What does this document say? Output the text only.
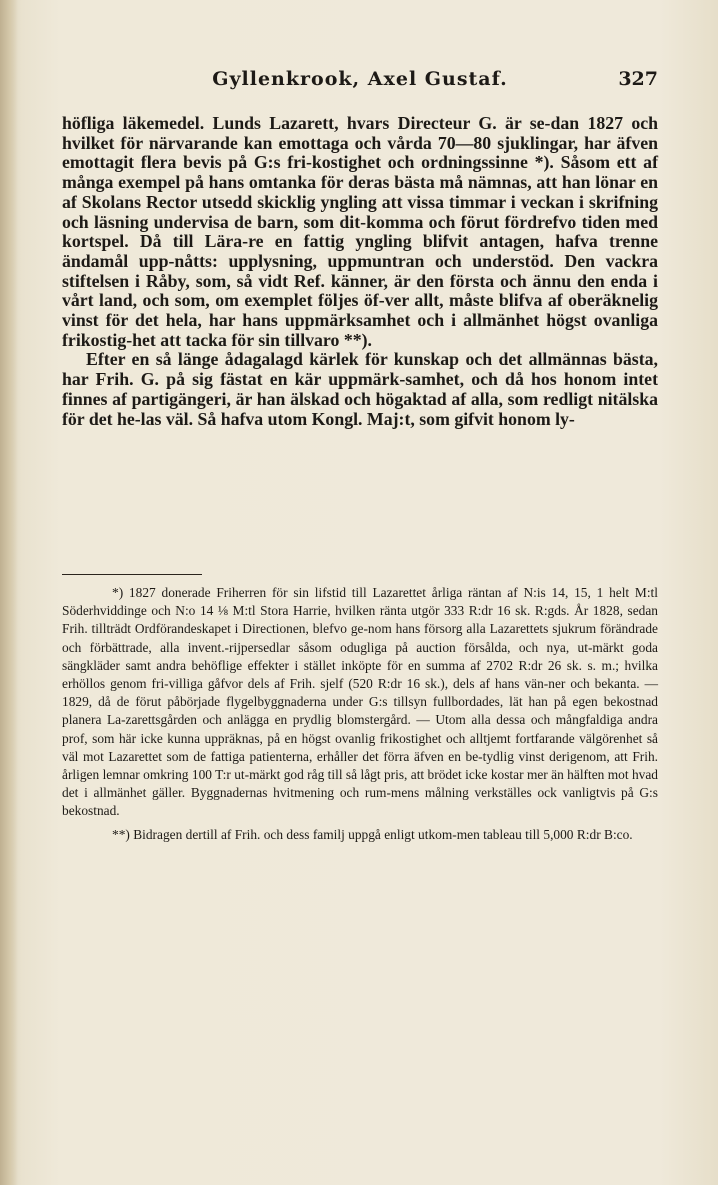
Gyllenkrook, Axel Gustaf.	327

höfliga läkemedel. Lunds Lazarett, hvars Directeur G. är se-dan 1827 och hvilket för närvarande kan emottaga och vårda 70—80 sjuklingar, har äfven emottagit flera bevis på G:s fri-kostighet och ordningssinne *). Såsom ett af många exempel på hans omtanka för deras bästa må nämnas, att han lönar en af Skolans Rector utsedd skicklig yngling att vissa timmar i veckan i skrifning och läsning undervisa de barn, som dit-komma och förut fördrefvo tiden med kortspel. Då till Lära-re en fattig yngling blifvit antagen, hafva trenne ändamål upp-nåtts: upplysning, uppmuntran och understöd. Den vackra stiftelsen i Råby, som, så vidt Ref. känner, är den första och ännu den enda i vårt land, och som, om exemplet följes öf-ver allt, måste blifva af oberäknelig vinst för det hela, har hans uppmärksamhet och i allmänhet högst ovanliga frikostig-het att tacka för sin tillvaro **).

Efter en så länge ådagalagd kärlek för kunskap och det allmännas bästa, har Frih. G. på sig fästat en kär uppmärk-samhet, och då hos honom intet finnes af partigängeri, är han älskad och högaktad af alla, som redligt nitälska för det he-las väl. Så hafva utom Kongl. Maj:t, som gifvit honom ly-

*) 1827 donerade Friherren för sin lifstid till Lazarettet årliga räntan af N:is 14, 15, 1 helt M:tl Söderhviddinge och N:o 14 ⅛ M:tl Stora Harrie, hvilken ränta utgör 333 R:dr 16 sk. R:gds. År 1828, sedan Frih. tillträdt Ordförandeskapet i Directionen, blefvo ge-nom hans försorg alla Lazarettets sjukrum förändrade och förbättrade, alla invent.-rijpersedlar såsom odugliga på auction försålda, och nya, ut-märkt goda sängkläder samt andra behöflige effekter i stället inköpte för en summa af 2702 R:dr 26 sk. s. m.; hvilka erhöllos genom fri-villiga gåfvor dels af Frih. sjelf (520 R:dr 16 sk.), dels af hans vän-ner och bekanta. — 1829, då de förut påbörjade flygelbyggnaderna under G:s tillsyn fullbordades, lät han på egen bekostnad planera La-zarettsgården och anlägga en prydlig blomstergård. — Utom alla dessa och mångfaldiga andra prof, som här icke kunna uppräknas, på en högst ovanlig frikostighet och alltjemt fortfarande välgörenhet så väl mot Lazarettet som de fattiga patienterna, erhåller det förra äfven en be-tydlig vinst derigenom, att Frih. årligen lemnar omkring 100 T:r ut-märkt god råg till så lågt pris, att brödet icke kostar mer än hälften mot hvad det i allmänhet gäller. Byggnadernas hvitmening och rum-mens målning verkställes ock vanligtvis på G:s bekostnad.

**) Bidragen dertill af Frih. och dess familj uppgå enligt utkom-men tableau till 5,000 R:dr B:co.
